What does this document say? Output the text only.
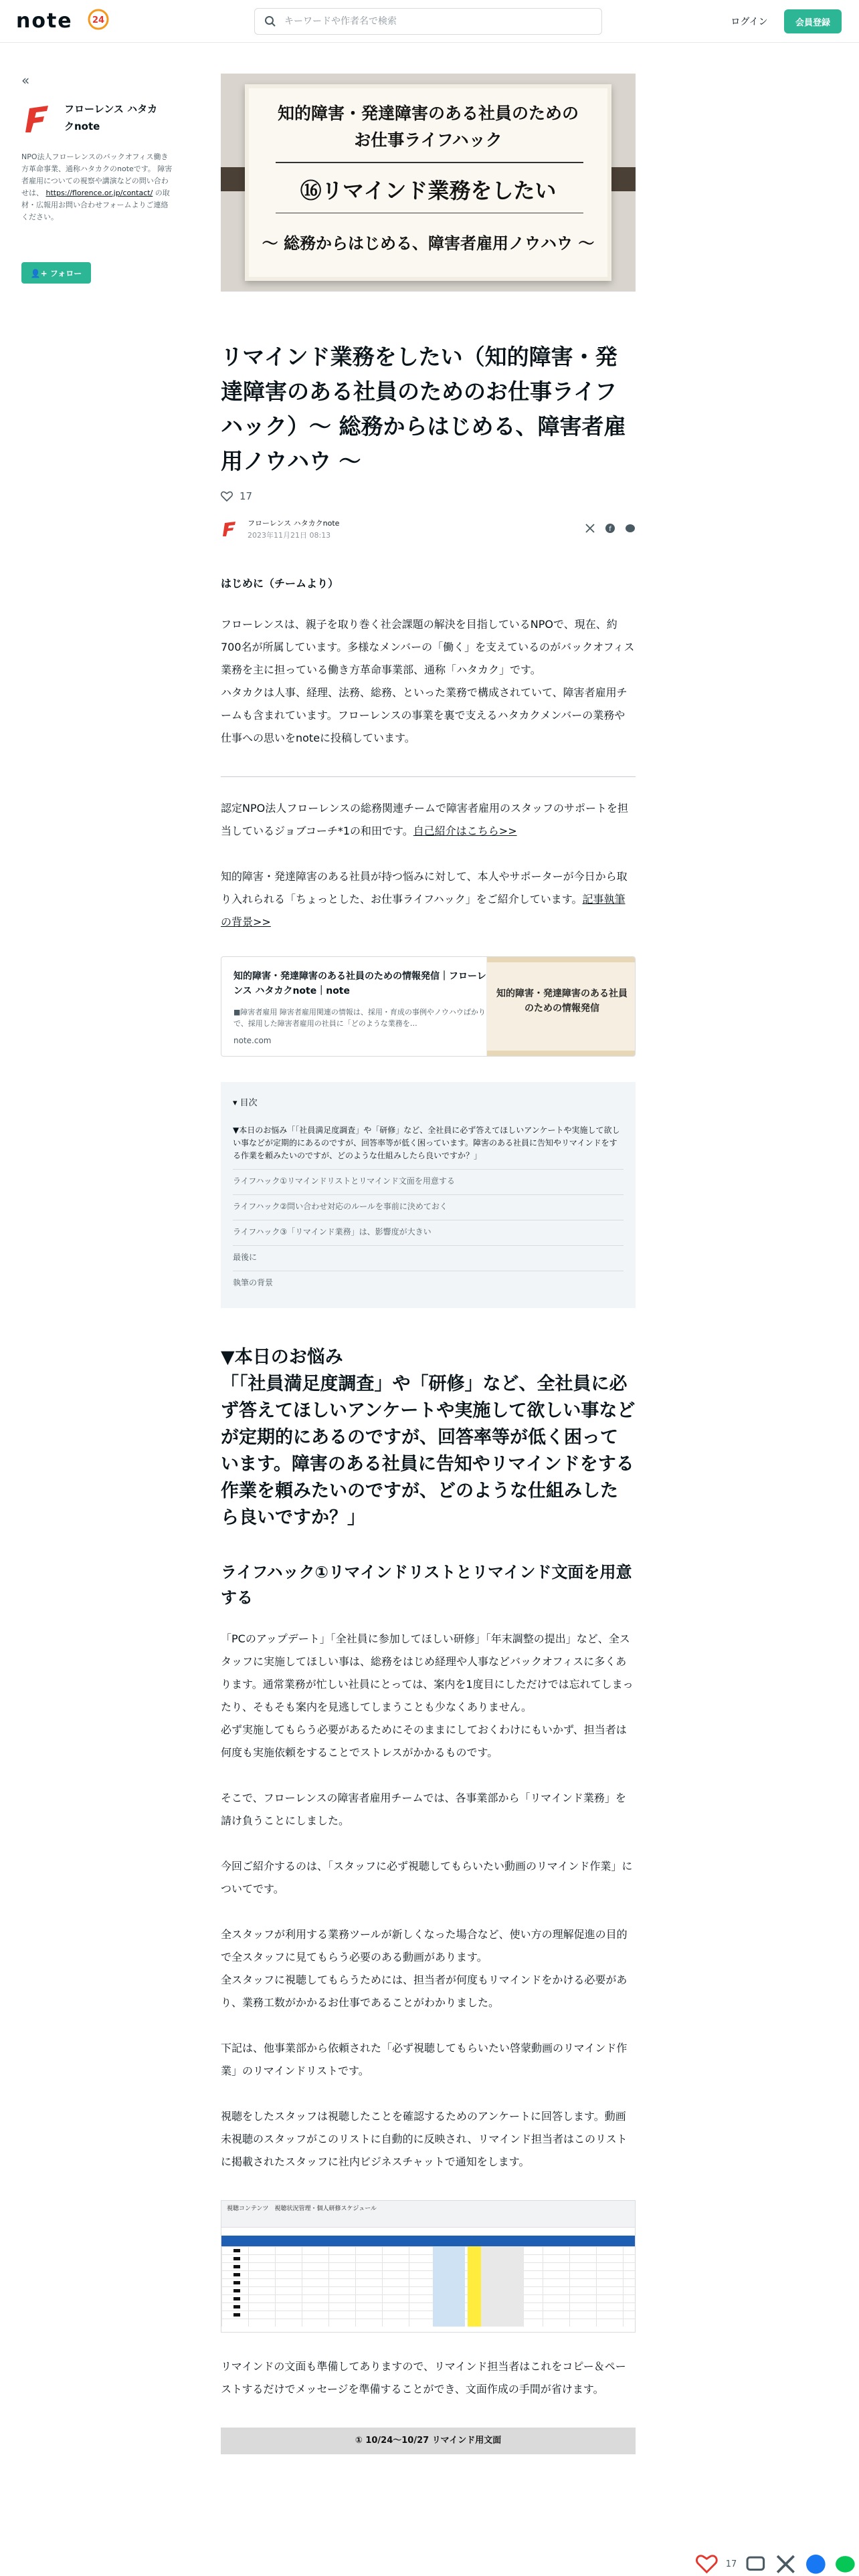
note 24
キーワードや作者名で検索	ログイン	会員登録
«
フローレンス ハタカクnote
NPO法人フローレンスのバックオフィス働き方革命事業、通称ハタカクのnoteです。 障害者雇用についての視察や講演などの問い合わせは、 https://florence.or.jp/contact/ の取材・広報用お問い合わせフォームよりご連絡ください。
👤+ フォロー
知的障害・発達障害のある社員のための
お仕事ライフハック
⑯リマインド業務をしたい
～ 総務からはじめる、障害者雇用ノウハウ ～
リマインド業務をしたい（知的障害・発達障害のある社員のためのお仕事ライフハック）～ 総務からはじめる、障害者雇用ノウハウ ～
17
フローレンス ハタカクnote
2023年11月21日 08:13
f
はじめに（チームより）

フローレンスは、親子を取り巻く社会課題の解決を目指しているNPOで、現在、約700名が所属しています。多様なメンバーの「働く」を支えているのがバックオフィス業務を主に担っている働き方革命事業部、通称「ハタカク」です。

ハタカクは人事、経理、法務、総務、といった業務で構成されていて、障害者雇用チームも含まれています。フローレンスの事業を裏で支えるハタカクメンバーの業務や仕事への思いをnoteに投稿しています。

認定NPO法人フローレンスの総務関連チームで障害者雇用のスタッフのサポートを担当しているジョブコーチ*1の和田です。自己紹介はこちら>>

知的障害・発達障害のある社員が持つ悩みに対して、本人やサポーターが今日から取り入れられる「ちょっとした、お仕事ライフハック」をご紹介しています。記事執筆の背景>>

知的障害・発達障害のある社員のための情報発信｜フローレンス ハタカクnote｜note
■障害者雇用 障害者雇用関連の情報は、採用・育成の事例やノウハウばかりで、採用した障害者雇用の社員に「どのような業務を…
note.com
知的障害・発達障害のある社員のための情報発信
▾ 目次
▼本日のお悩み「「社員満足度調査」や「研修」など、全社員に必ず答えてほしいアンケートや実施して欲しい事などが定期的にあるのですが、回答率等が低く困っています。障害のある社員に告知やリマインドをする作業を頼みたいのですが、どのような仕組みしたら良いですか？」
ライフハック①リマインドリストとリマインド文面を用意する
ライフハック②問い合わせ対応のルールを事前に決めておく
ライフハック③「リマインド業務」は、影響度が大きい
最後に
執筆の背景
▼本日のお悩み
「「社員満足度調査」や「研修」など、全社員に必ず答えてほしいアンケートや実施して欲しい事などが定期的にあるのですが、回答率等が低く困っています。障害のある社員に告知やリマインドをする作業を頼みたいのですが、どのような仕組みしたら良いですか？」
ライフハック①リマインドリストとリマインド文面を用意する

「PCのアップデート」「全社員に参加してほしい研修」「年末調整の提出」など、全スタッフに実施してほしい事は、総務をはじめ経理や人事などバックオフィスに多くあります。通常業務が忙しい社員にとっては、案内を1度目にしただけでは忘れてしまったり、そもそも案内を見逃してしまうことも少なくありません。

必ず実施してもらう必要があるためにそのままにしておくわけにもいかず、担当者は何度も実施依頼をすることでストレスがかかるものです。

そこで、フローレンスの障害者雇用チームでは、各事業部から「リマインド業務」を請け負うことにしました。

今回ご紹介するのは、「スタッフに必ず視聴してもらいたい動画のリマインド作業」についてです。

全スタッフが利用する業務ツールが新しくなった場合など、使い方の理解促進の目的で全スタッフに見てもらう必要のある動画があります。

全スタッフに視聴してもらうためには、担当者が何度もリマインドをかける必要があり、業務工数がかかるお仕事であることがわかりました。

下記は、他事業部から依頼された「必ず視聴してもらいたい啓蒙動画のリマインド作業」のリマインドリストです。

視聴をしたスタッフは視聴したことを確認するためのアンケートに回答します。動画未視聴のスタッフがこのリストに自動的に反映され、リマインド担当者はこのリストに掲載されたスタッフに社内ビジネスチャットで通知をします。

視聴コンテンツ　視聴状況管理・個人研修スケジュール

リマインドの文面も準備してありますので、リマインド担当者はこれをコピー＆ペーストするだけでメッセージを準備することができ、文面作成の手間が省けます。

① 10/24〜10/27 リマインド用文面
17
